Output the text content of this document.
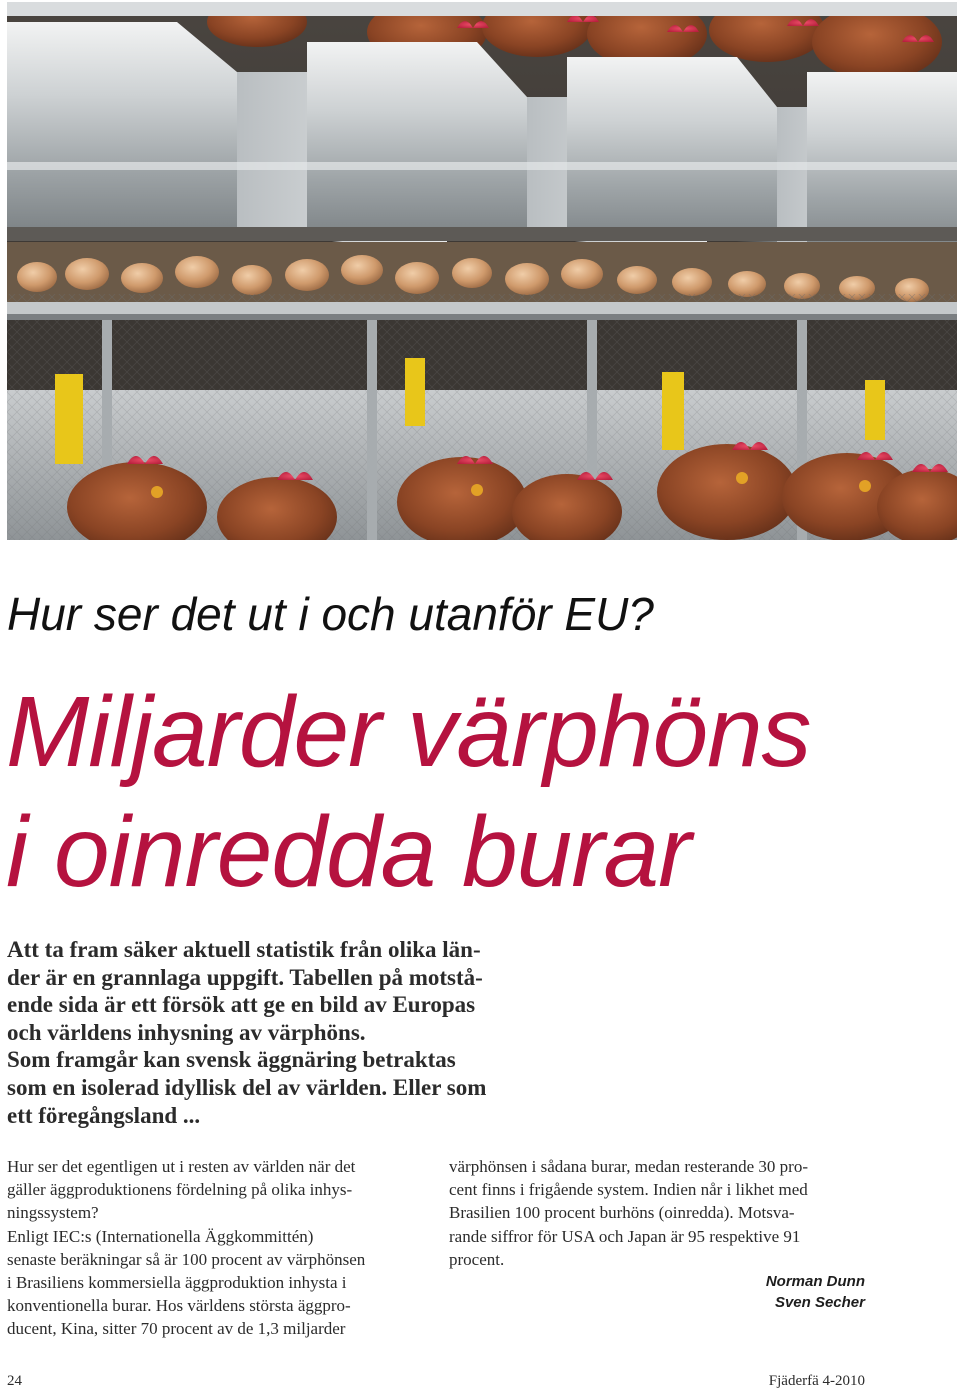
Hur ser det ut i och utanför EU?
Miljarder värphöns
i oinredda burar
Att ta fram säker aktuell statistik från olika län-
der är en grannlaga uppgift. Tabellen på motstå-
ende sida är ett försök att ge en bild av Europas
och världens inhysning av värphöns.
Som framgår kan svensk äggnäring betraktas
som en isolerad idyllisk del av världen. Eller som
ett föregångsland ...
Hur ser det egentligen ut i resten av världen när det
gäller äggproduktionens fördelning på olika inhys-
ningssystem?
Enligt IEC:s (Internationella Äggkommittén)
senaste beräkningar så är 100 procent av värphönsen
i Brasiliens kommersiella äggproduktion inhysta i
konventionella burar. Hos världens största äggpro-
ducent, Kina, sitter 70 procent av de 1,3 miljarder
värphönsen i sådana burar, medan resterande 30 pro-
cent finns i frigående system. Indien når i likhet med
Brasilien 100 procent burhöns (oinredda). Motsva-
rande siffror för USA och Japan är 95 respektive 91
procent.
Norman Dunn
Sven Secher
24	Fjäderfä 4-2010
